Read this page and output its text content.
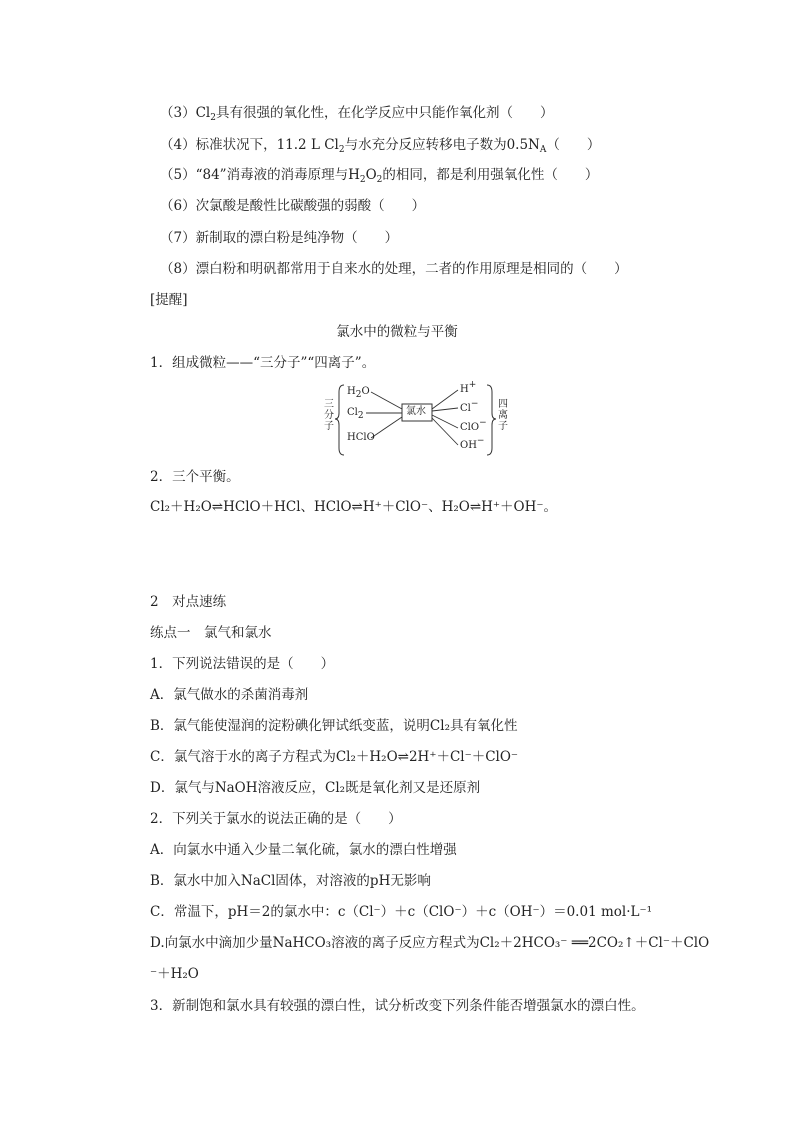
$(3)Cl_2$具有很强的氧化性，在化学反应中只能作氧化剂（　　）
（4）标准状况下，11.2 L $Cl_2$与水充分反应转移电子数为$0.5N_A$（　　）
（5）“84”消毒液的消毒原理与$H_2O_2$的相同，都是利用强氧化性（　　）
（6）次氯酸是酸性比碳酸强的弱酸（　　）
（7）新制取的漂白粉是纯净物（　　）
（8）漂白粉和明矾都常用于自来水的处理，二者的作用原理是相同的（　　）
[提醒]
氯水中的微粒与平衡
1．组成微粒——“三分子”“四离子”。
三
分
子
四
离
子
氯水
$H_2O$
$Cl_2$
HClO
H+
Cl−
ClO−
OH−
2．三个平衡。
Cl₂＋H₂O⇌HClO＋HCl、HClO⇌H⁺＋ClO⁻、H₂O⇌H⁺＋OH⁻。
2　对点速练
练点一　氯气和氯水
1．下列说法错误的是（　　）
A．氯气做水的杀菌消毒剂
B．氯气能使湿润的淀粉碘化钾试纸变蓝，说明Cl₂具有氧化性
C．氯气溶于水的离子方程式为Cl₂＋H₂O⇌2H⁺＋Cl⁻＋ClO⁻
D．氯气与NaOH溶液反应，Cl₂既是氧化剂又是还原剂
2．下列关于氯水的说法正确的是（　　）
A．向氯水中通入少量二氧化硫，氯水的漂白性增强
B．氯水中加入NaCl固体，对溶液的pH无影响
C．常温下，pH＝2的氯水中：c（Cl⁻）＋c（ClO⁻）＋c（OH⁻）＝0.01 mol·L⁻¹
D.向氯水中滴加少量NaHCO₃溶液的离子反应方程式为Cl₂＋2HCO₃⁻ ══2CO₂↑＋Cl⁻＋ClO
⁻＋H₂O
3．新制饱和氯水具有较强的漂白性，试分析改变下列条件能否增强氯水的漂白性。
